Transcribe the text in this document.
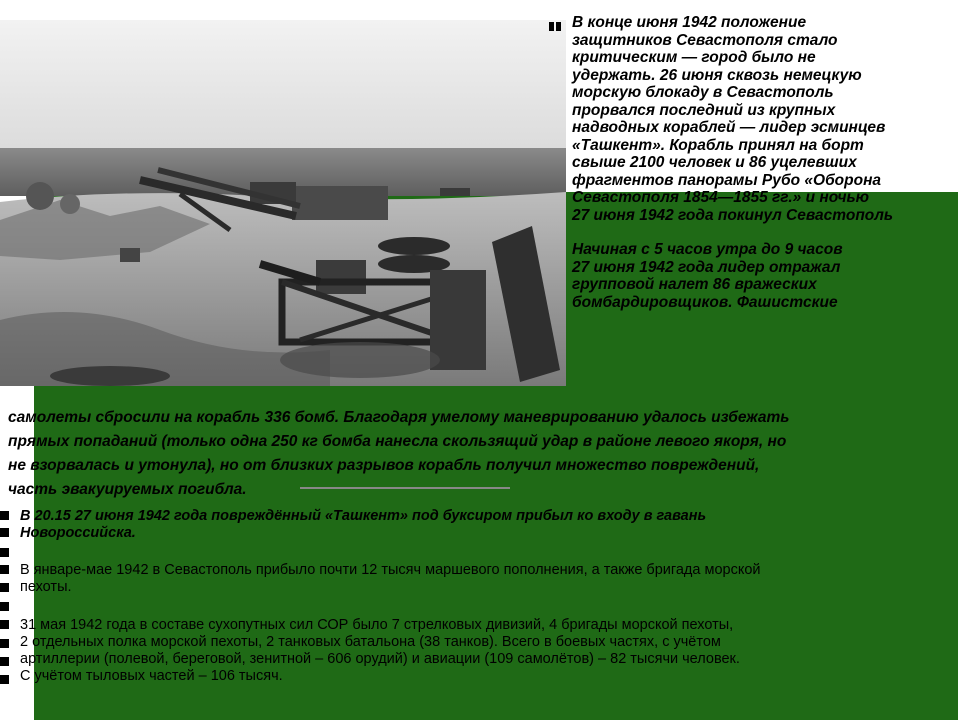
В конце июня 1942 положение

защитников Севастополя стало

критическим — город было не

удержать. 26 июня сквозь немецкую

морскую блокаду в Севастополь

прорвался последний из крупных

надводных кораблей — лидер эсминцев

«Ташкент». Корабль принял на борт

свыше 2100 человек и 86 уцелевших

фрагментов панорамы Рубо «Оборона

Севастополя 1854—1855 гг.» и ночью

27 июня 1942 года покинул Севастополь

Начиная с 5 часов утра до 9 часов

27 июня 1942 года лидер отражал

групповой налет 86 вражеских

бомбардировщиков. Фашистские

самолеты сбросили на корабль 336 бомб. Благодаря умелому маневрированию удалось избежать
прямых попаданий (только одна 250 кг бомба нанесла скользящий удар в районе левого якоря, но
не взорвалась и утонула), но от близких разрывов корабль получил множество повреждений,
часть эвакуируемых погибла.
В 20.15 27 июня 1942 года повреждённый «Ташкент» под буксиром прибыл ко входу в гавань
Новороссийска.
В январе-мае 1942 в Севастополь прибыло почти 12 тысяч маршевого пополнения, а также бригада морской
пехоты.
31 мая 1942 года в составе сухопутных сил СОР было 7 стрелковых дивизий, 4 бригады морской пехоты,
2 отдельных полка морской пехоты, 2 танковых батальона (38 танков). Всего в боевых частях, с учётом
артиллерии (полевой, береговой, зенитной – 606 орудий) и авиации (109 самолётов) – 82 тысячи человек.
С учётом тыловых частей – 106 тысяч.
